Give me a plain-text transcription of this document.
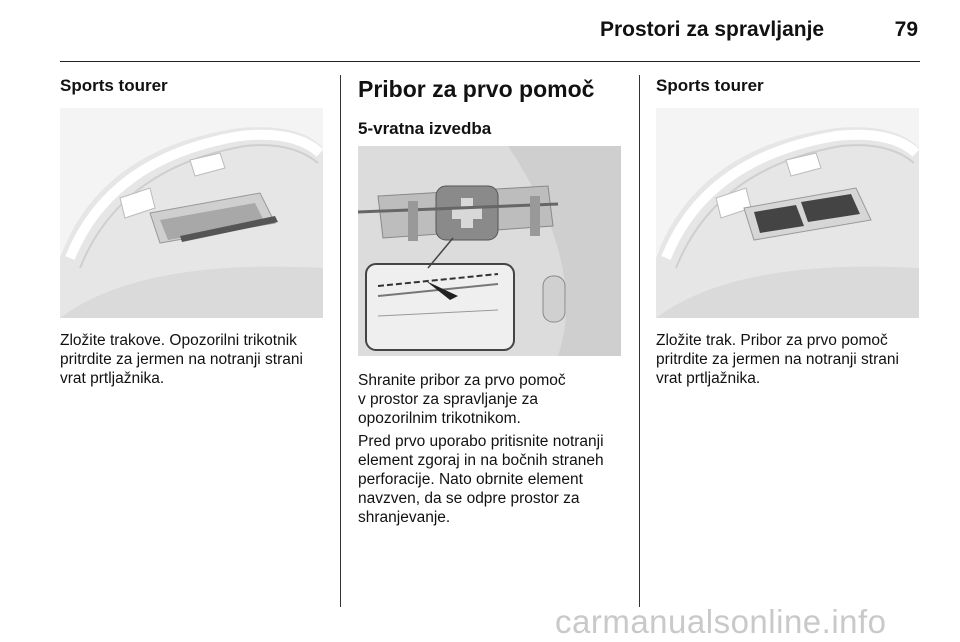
Prostori za spravljanje	79
Sports tourer
Zložite trakove. Opozorilni trikotnik
pritrdite za jermen na notranji strani
vrat prtljažnika.
Pribor za prvo pomoč
5-vratna izvedba
Shranite pribor za prvo pomoč
v prostor za spravljanje za
opozorilnim trikotnikom.
Pred prvo uporabo pritisnite notranji
element zgoraj in na bočnih straneh
perforacije. Nato obrnite element
navzven, da se odpre prostor za
shranjevanje.
Sports tourer
Zložite trak. Pribor za prvo pomoč
pritrdite za jermen na notranji strani
vrat prtljažnika.
carmanualsonline.info
